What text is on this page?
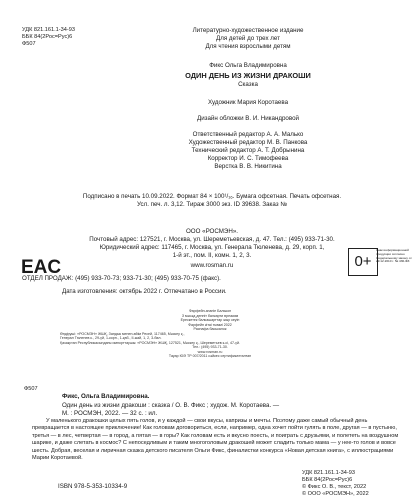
УДК 821.161.1-34-93
ББК 84(2Рос=Рус)6
Ф507
Литературно-художественное издание
Для детей до трех лет
Для чтения взрослыми детям
Фикс Ольга Владимировна
ОДИН ДЕНЬ ИЗ ЖИЗНИ ДРАКОШИ
Сказка
Художник Мария Коротаева
Дизайн обложки В. И. Никандровой
Ответственный редактор А. А. Малько
Художественный редактор М. В. Панкова
Технический редактор А. Т. Добрынина
Корректор И. С. Тимофеева
Верстка В. В. Никитина
Подписано в печать 10.09.2022. Формат 84 × 100¹/₁₆. Бумага офсетная. Печать офсетная.
Усл. печ. л. 3,12. Тираж 3000 экз. ID 39638. Заказ №
ООО «РОСМЭН».
Почтовый адрес: 127521, г. Москва, ул. Шереметьевская, д. 47. Тел.: (495) 933-71-30.
Юридический адрес: 117465, г. Москва, ул. Генерала Тюленева, д. 29, корп. 1,
1-й эт., пом. II, комн. 1, 2, 3.
EAC	www.rosman.ru
ОТДЕЛ ПРОДАЖ: (495) 933-70-73; 933-71-30; (495) 933-70-75 (факс).
Дата изготовления: октябрь 2022 г. Отпечатано в России.
0+
Знак информационной продукции согласно Федеральному закону от 29.12.2010 г. № 436-ФЗ
Фарфейн-знанiе Балькон
З мәсәд деннiт балкарти вреаким
Ерескетек балкашарттар жыр кеуiн
Фарфейн кiтаi тыммi 2022
Раснафа баськалок
Өндiрушi: «РОСМЭН» ЖШҚ, Зандык менен-өйiм Ресей, 117465, Мәскеу қ.,
Генерал Тюленев к., 29-үй, 1-корп., 1-қаб., II-жай, 1, 2, 3-бөл.
Қазақстан Республикасындағы импорттаушы: «РОСМЭН» ЖШҚ, 127521, Мәскеу қ., Шереметьев к-сi, 47-үй.
Тел.: (495) 933-71-30.
www.rosman.ru
Тауар ЮӘ ТР 007/2011 сәйкес сертификатталған
Ф507
Фикс, Ольга Владимировна.
Один день из жизни дракоши : сказка / О. В. Фикс ; худож. М. Коротаева. —
М. : РОСМЭН, 2022. — 32 с. : ил.
У маленького дракошки целых пять голов, и у каждой — свои вкусы, капризы и мечты. Поэтому даже самый обычный день превращается в настоящее приключение! Как головам договориться, если, например, одна хочет пойти гулять в поле, другая — в пустыню, третья — в лес, четвертая — в город, а пятая — в горы? Как головам есть и вкусно поесть, и поиграть с друзьями, и полететь на воздушном шарике, и даже слетать в космос? С непоседливым и таким многоголовым дракошей может сладить только мама — у нее-то голов и вовсе шесть. Добрая, веселая и лиричная сказка детского писателя Ольги Фикс, финалистки конкурса «Новая детская книга», с иллюстрациями Марии Коротаевой.
ISBN 978-5-353-10334-9
УДК 821.161.1-34-93
ББК 84(2Рос=Рус)6
© Фикс О. В., текст, 2022
© ООО «РОСМЭН», 2022
